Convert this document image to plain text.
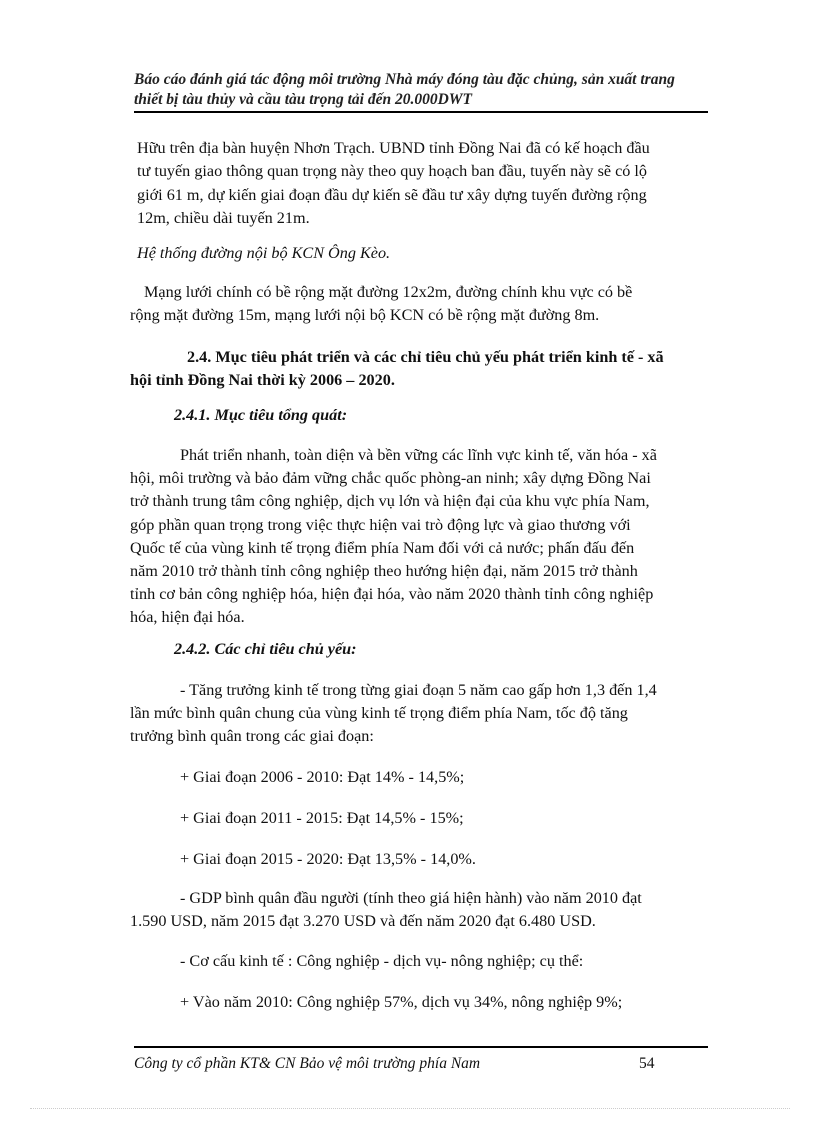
Báo cáo đánh giá tác động môi trường Nhà máy đóng tàu đặc chủng, sản xuất trang
thiết bị tàu thủy và cầu tàu trọng tải đến 20.000DWT

Hữu trên địa bàn huyện Nhơn Trạch. UBND tỉnh Đồng Nai đã có kế hoạch đầu

tư tuyến giao thông quan trọng này theo quy hoạch ban đầu, tuyến này sẽ có lộ

giới 61 m, dự kiến giai đoạn đầu dự kiến sẽ đầu tư xây dựng tuyến đường rộng

12m, chiều dài tuyến 21m.

Hệ thống đường nội bộ KCN Ông Kèo.

Mạng lưới chính có bề rộng mặt đường 12x2m, đường chính khu vực có bề

rộng mặt đường 15m, mạng lưới nội bộ KCN có bề rộng mặt đường 8m.

2.4. Mục tiêu phát triển và các chỉ tiêu chủ yếu phát triển kinh tế - xã

hội tỉnh Đồng Nai thời kỳ 2006 – 2020.

2.4.1. Mục tiêu tổng quát:

Phát triển nhanh, toàn diện và bền vững các lĩnh vực kinh tế, văn hóa - xã

hội, môi trường và bảo đảm vững chắc quốc phòng-an ninh; xây dựng Đồng Nai

trở thành trung tâm công nghiệp, dịch vụ lớn và hiện đại của khu vực phía Nam,

góp phần quan trọng trong việc thực hiện vai trò động lực và giao thương với

Quốc tế của vùng kinh tế trọng điểm phía Nam đối với cả nước; phấn đấu đến

năm 2010 trở thành tỉnh công nghiệp theo hướng hiện đại, năm 2015 trở thành

tỉnh cơ bản công nghiệp hóa, hiện đại hóa, vào năm 2020 thành tỉnh công nghiệp

hóa, hiện đại hóa.

2.4.2. Các chỉ tiêu chủ yếu:

- Tăng trưởng kinh tế trong từng giai đoạn 5 năm cao gấp hơn 1,3 đến 1,4

lần mức bình quân chung của vùng kinh tế trọng điểm phía Nam, tốc độ tăng

trưởng bình quân trong các giai đoạn:

+ Giai đoạn 2006 - 2010: Đạt 14% - 14,5%;

+ Giai đoạn 2011 - 2015: Đạt 14,5% - 15%;

+ Giai đoạn 2015 - 2020: Đạt 13,5% - 14,0%.

- GDP bình quân đầu người (tính theo giá hiện hành) vào năm 2010 đạt

1.590 USD, năm 2015 đạt 3.270 USD và đến năm 2020 đạt 6.480 USD.

- Cơ cấu kinh tế : Công nghiệp - dịch vụ- nông nghiệp; cụ thể:

+ Vào năm 2010: Công nghiệp 57%, dịch vụ 34%, nông nghiệp 9%;

Công ty cổ phần KT& CN Bảo vệ môi trường phía Nam	54
